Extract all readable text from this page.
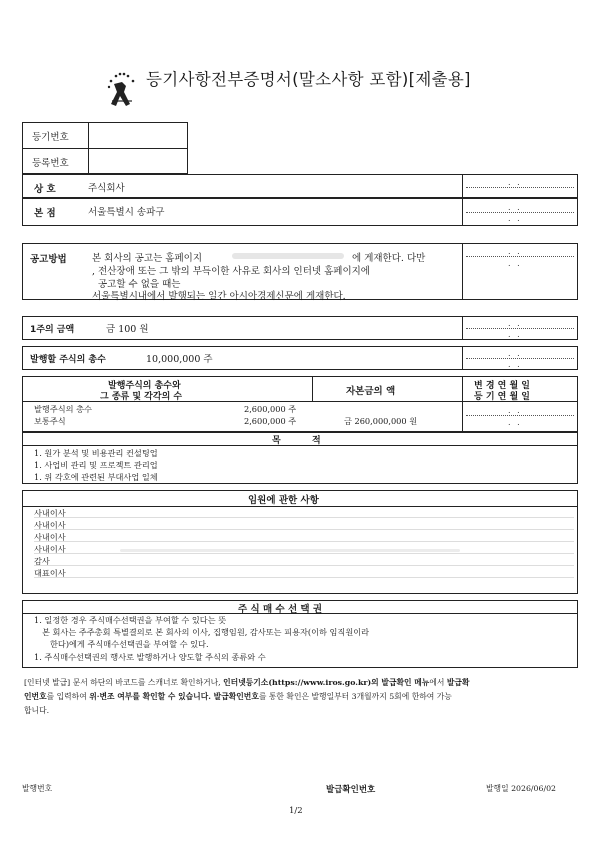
등기사항전부증명서(말소사항 포함)[제출용]
등기번호
등록번호
상 호	주식회사
. .
본 점	서울특별시 송파구	. .
. .
공고방법	본 회사의 공고는 홈페이지	에 게재한다. 다만
, 전산장애 또는 그 밖의 부득이한 사유로 회사의 인터넷 홈페이지에
공고할 수 없을 때는
서울특별시내에서 발행되는 일간 아시아경제신문에 게재한다.
. .
. .
1주의 금액	금 100 원
. .
. .
발행할 주식의 총수	10,000,000 주
. .
. .
발행주식의 총수와
그 종류 및 각각의 수	자본금의 액	변 경 연 월 일
등 기 연 월 일
발행주식의 총수	2,600,000 주
보통주식	2,600,000 주	금 260,000,000 원
. .
. .
목          적
1. 원가 분석 및 비용관리 컨설팅업
1. 사업비 관리 및 프로젝트 관리업
1. 위 각호에 관련된 부대사업 일체
임원에 관한 사항
사내이사
사내이사
사내이사
사내이사
감사
대표이사
주 식 매 수 선 택 권
1. 일정한 경우 주식매수선택권을 부여할 수 있다는 뜻
본 회사는 주주총회 특별결의로 본 회사의 이사, 집행임원, 감사또는 피용자(이하 임직원이라
한다)에게 주식매수선택권을 부여할 수 있다.
1. 주식매수선택권의 행사로 발행하거나 양도할 주식의 종류와 수
[인터넷 발급] 문서 하단의 바코드를 스캐너로 확인하거나, 인터넷등기소(https://www.iros.go.kr)의 발급확인 메뉴에서 발급확
인번호를 입력하여 위·변조 여부를 확인할 수 있습니다. 발급확인번호를 통한 확인은 발행일부터 3개월까지 5회에 한하여 가능
합니다.
발행번호	발급확인번호	발행일 2026/06/02
1/2
